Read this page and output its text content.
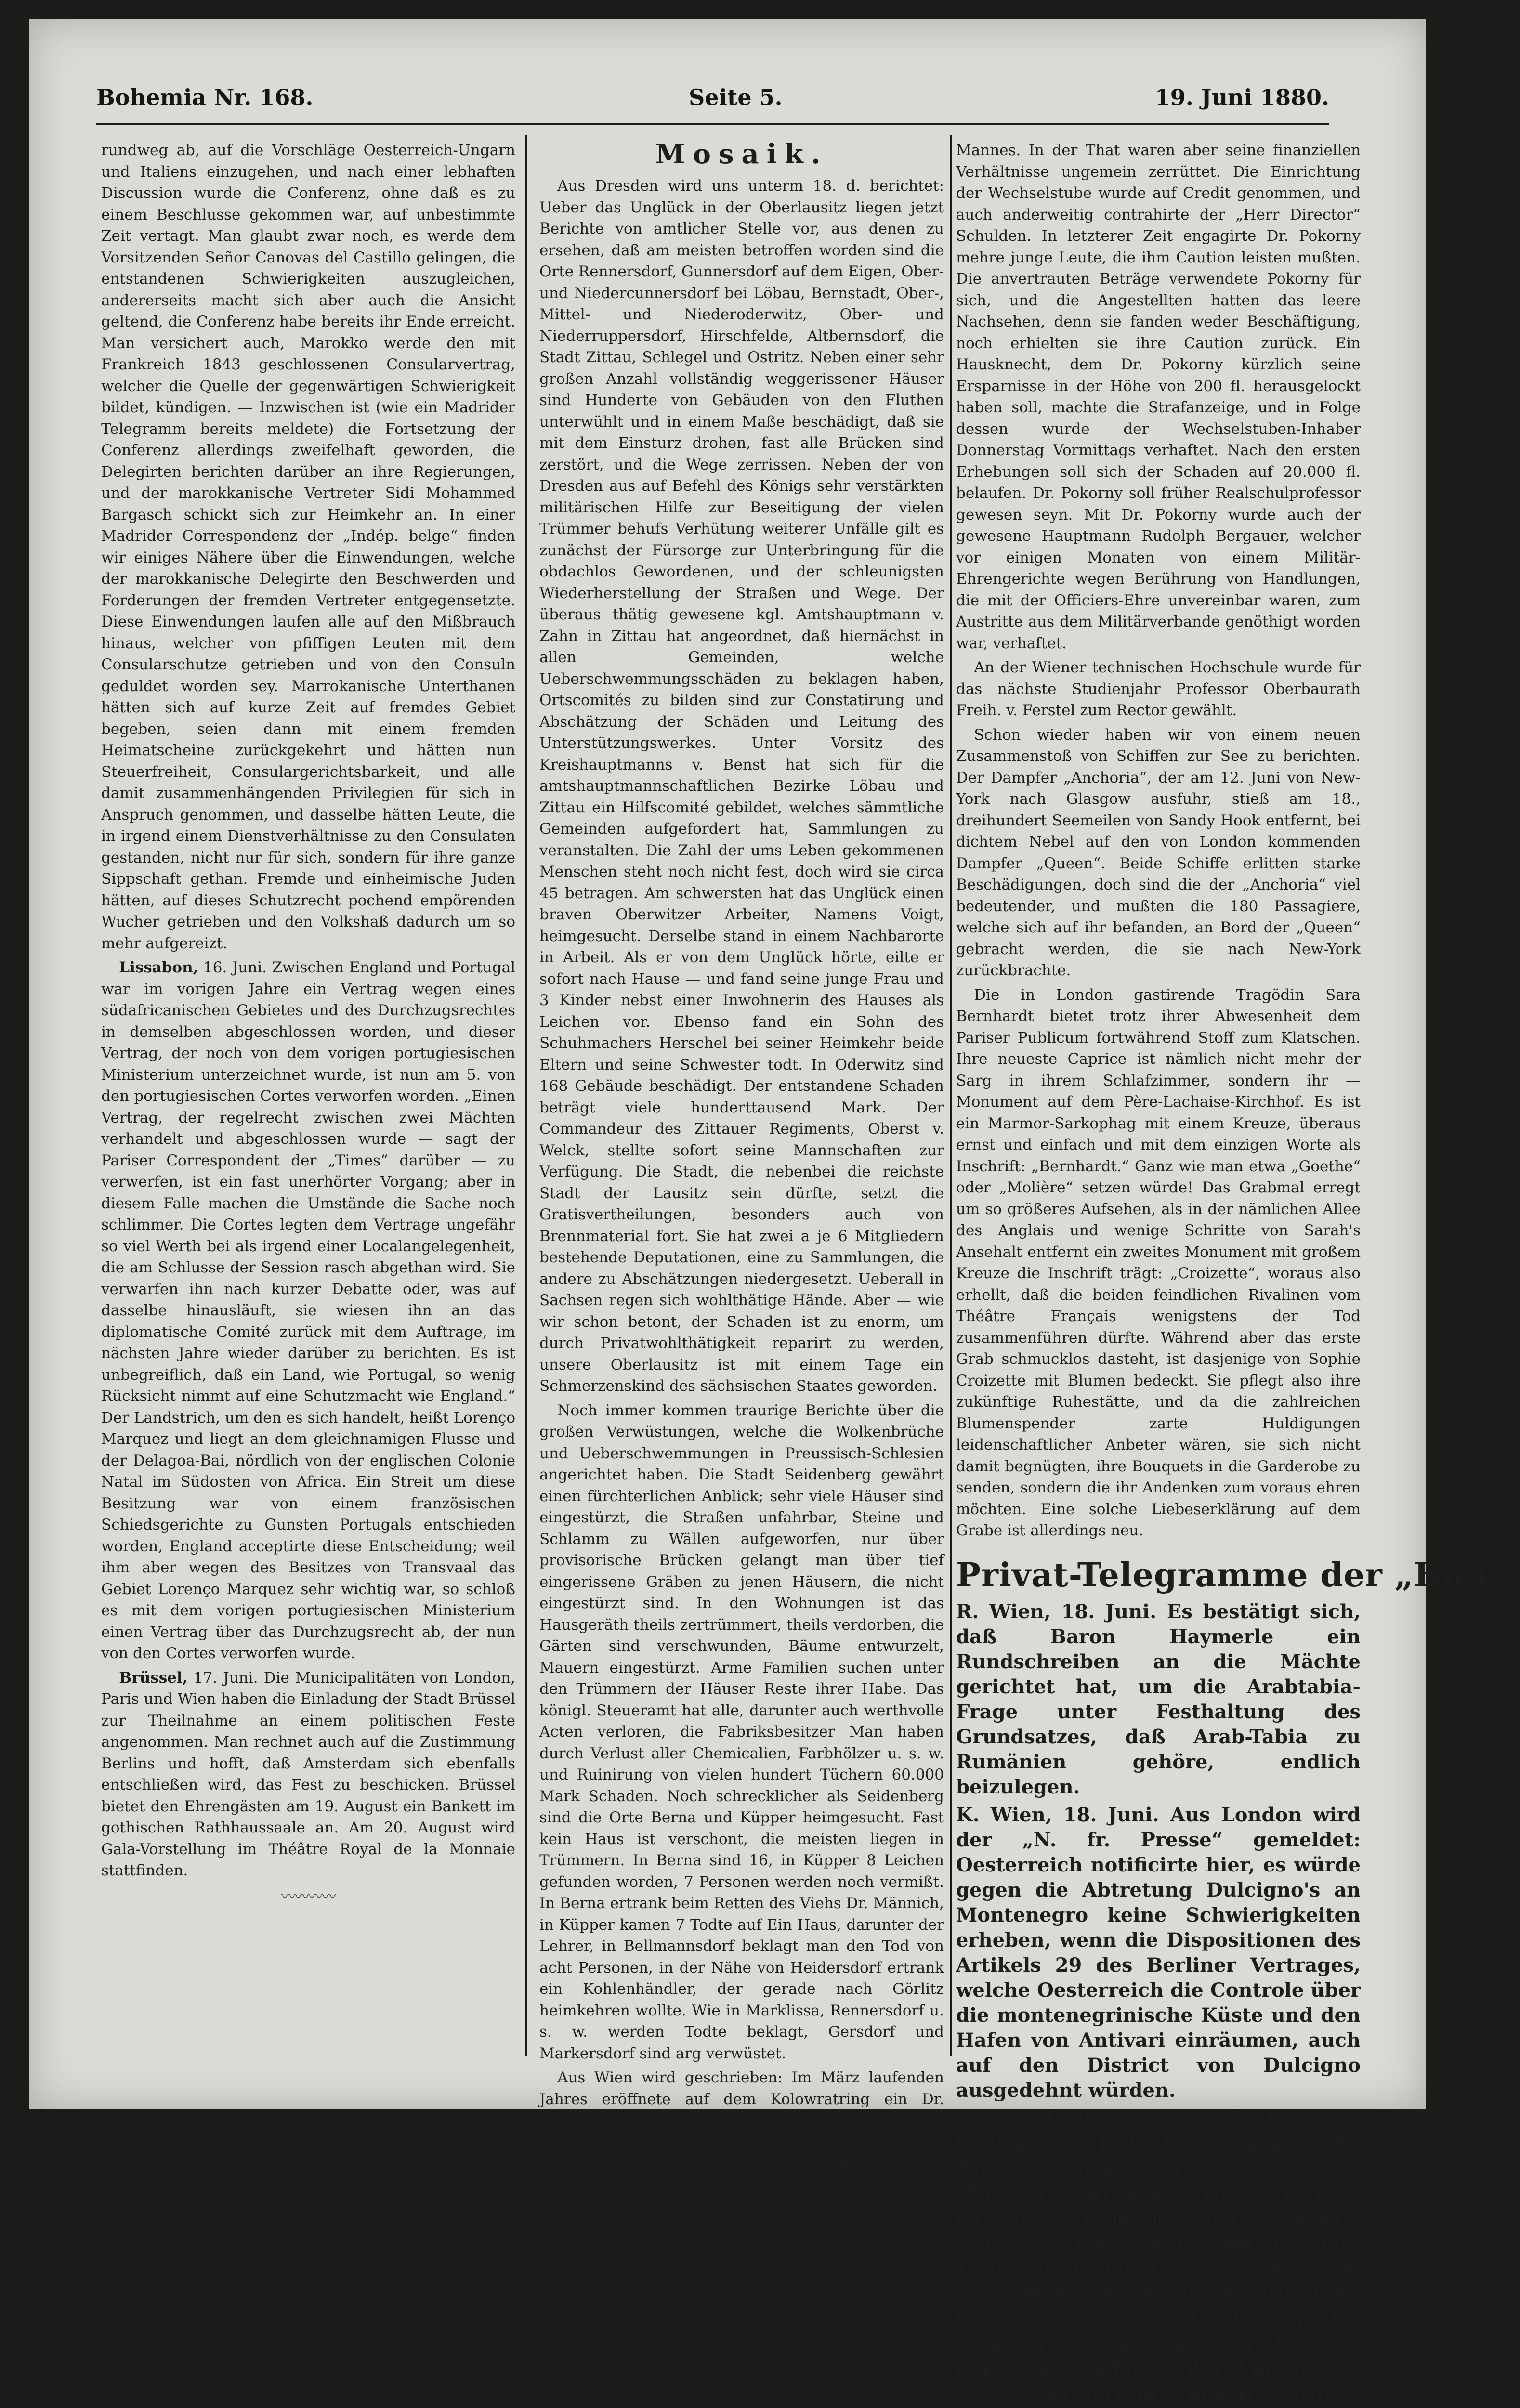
Bohemia Nr. 168.	Seite 5.	19. Juni 1880.

rundweg ab, auf die Vorschläge Oesterreich-Ungarn und Italiens einzugehen, und nach einer lebhaften Discussion wurde die Conferenz, ohne daß es zu einem Beschlusse gekommen war, auf unbestimmte Zeit vertagt. Man glaubt zwar noch, es werde dem Vorsitzenden Señor Canovas del Castillo gelingen, die entstandenen Schwierigkeiten auszugleichen, andererseits macht sich aber auch die Ansicht geltend, die Conferenz habe bereits ihr Ende erreicht. Man versichert auch, Marokko werde den mit Frankreich 1843 geschlossenen Consularvertrag, welcher die Quelle der gegenwärtigen Schwierigkeit bildet, kündigen. — Inzwischen ist (wie ein Madrider Telegramm bereits meldete) die Fortsetzung der Conferenz allerdings zweifelhaft geworden, die Delegirten berichten darüber an ihre Regierungen, und der marokkanische Vertreter Sidi Mohammed Bargasch schickt sich zur Heimkehr an. In einer Madrider Correspondenz der „Indép. belge“ finden wir einiges Nähere über die Einwendungen, welche der marokkanische Delegirte den Beschwerden und Forderungen der fremden Vertreter entgegensetzte. Diese Einwendungen laufen alle auf den Mißbrauch hinaus, welcher von pfiffigen Leuten mit dem Consularschutze getrieben und von den Consuln geduldet worden sey. Marrokanische Unterthanen hätten sich auf kurze Zeit auf fremdes Gebiet begeben, seien dann mit einem fremden Heimatscheine zurückgekehrt und hätten nun Steuerfreiheit, Consulargerichtsbarkeit, und alle damit zusammenhängenden Privilegien für sich in Anspruch genommen, und dasselbe hätten Leute, die in irgend einem Dienstverhältnisse zu den Consulaten gestanden, nicht nur für sich, sondern für ihre ganze Sippschaft gethan. Fremde und einheimische Juden hätten, auf dieses Schutzrecht pochend empörenden Wucher getrieben und den Volkshaß dadurch um so mehr aufgereizt.

Lissabon, 16. Juni. Zwischen England und Portugal war im vorigen Jahre ein Vertrag wegen eines südafricanischen Gebietes und des Durchzugsrechtes in demselben abgeschlossen worden, und dieser Vertrag, der noch von dem vorigen portugiesischen Ministerium unterzeichnet wurde, ist nun am 5. von den portugiesischen Cortes verworfen worden. „Einen Vertrag, der regelrecht zwischen zwei Mächten verhandelt und abgeschlossen wurde — sagt der Pariser Correspondent der „Times“ darüber — zu verwerfen, ist ein fast unerhörter Vorgang; aber in diesem Falle machen die Umstände die Sache noch schlimmer. Die Cortes legten dem Vertrage ungefähr so viel Werth bei als irgend einer Localangelegenheit, die am Schlusse der Session rasch abgethan wird. Sie verwarfen ihn nach kurzer Debatte oder, was auf dasselbe hinausläuft, sie wiesen ihn an das diplomatische Comité zurück mit dem Auftrage, im nächsten Jahre wieder darüber zu berichten. Es ist unbegreiflich, daß ein Land, wie Portugal, so wenig Rücksicht nimmt auf eine Schutzmacht wie England.“ Der Landstrich, um den es sich handelt, heißt Lorenço Marquez und liegt an dem gleichnamigen Flusse und der Delagoa-Bai, nördlich von der englischen Colonie Natal im Südosten von Africa. Ein Streit um diese Besitzung war von einem französischen Schiedsgerichte zu Gunsten Portugals entschieden worden, England acceptirte diese Entscheidung; weil ihm aber wegen des Besitzes von Transvaal das Gebiet Lorenço Marquez sehr wichtig war, so schloß es mit dem vorigen portugiesischen Ministerium einen Vertrag über das Durchzugsrecht ab, der nun von den Cortes verworfen wurde.

Brüssel, 17. Juni. Die Municipalitäten von London, Paris und Wien haben die Einladung der Stadt Brüssel zur Theilnahme an einem politischen Feste angenommen. Man rechnet auch auf die Zustimmung Berlins und hofft, daß Amsterdam sich ebenfalls entschließen wird, das Fest zu beschicken. Brüssel bietet den Ehrengästen am 19. August ein Bankett im gothischen Rathhaussaale an. Am 20. August wird Gala-Vorstellung im Théâtre Royal de la Monnaie stattfinden.

〰〰〰〰
Mosaik.

Aus Dresden wird uns unterm 18. d. berichtet: Ueber das Unglück in der Oberlausitz liegen jetzt Berichte von amtlicher Stelle vor, aus denen zu ersehen, daß am meisten betroffen worden sind die Orte Rennersdorf, Gunnersdorf auf dem Eigen, Ober- und Niedercunnersdorf bei Löbau, Bernstadt, Ober-, Mittel- und Niederoderwitz, Ober- und Niederruppersdorf, Hirschfelde, Altbernsdorf, die Stadt Zittau, Schlegel und Ostritz. Neben einer sehr großen Anzahl vollständig weggerissener Häuser sind Hunderte von Gebäuden von den Fluthen unterwühlt und in einem Maße beschädigt, daß sie mit dem Einsturz drohen, fast alle Brücken sind zerstört, und die Wege zerrissen. Neben der von Dresden aus auf Befehl des Königs sehr verstärkten militärischen Hilfe zur Beseitigung der vielen Trümmer behufs Verhütung weiterer Unfälle gilt es zunächst der Fürsorge zur Unterbringung für die obdachlos Gewordenen, und der schleunigsten Wiederherstellung der Straßen und Wege. Der überaus thätig gewesene kgl. Amtshauptmann v. Zahn in Zittau hat angeordnet, daß hiernächst in allen Gemeinden, welche Ueberschwemmungsschäden zu beklagen haben, Ortscomités zu bilden sind zur Constatirung und Abschätzung der Schäden und Leitung des Unterstützungswerkes. Unter Vorsitz des Kreishauptmanns v. Benst hat sich für die amtshauptmannschaftlichen Bezirke Löbau und Zittau ein Hilfscomité gebildet, welches sämmtliche Gemeinden aufgefordert hat, Sammlungen zu veranstalten. Die Zahl der ums Leben gekommenen Menschen steht noch nicht fest, doch wird sie circa 45 betragen. Am schwersten hat das Unglück einen braven Oberwitzer Arbeiter, Namens Voigt, heimgesucht. Derselbe stand in einem Nachbarorte in Arbeit. Als er von dem Unglück hörte, eilte er sofort nach Hause — und fand seine junge Frau und 3 Kinder nebst einer Inwohnerin des Hauses als Leichen vor. Ebenso fand ein Sohn des Schuhmachers Herschel bei seiner Heimkehr beide Eltern und seine Schwester todt. In Oderwitz sind 168 Gebäude beschädigt. Der entstandene Schaden beträgt viele hunderttausend Mark. Der Commandeur des Zittauer Regiments, Oberst v. Welck, stellte sofort seine Mannschaften zur Verfügung. Die Stadt, die nebenbei die reichste Stadt der Lausitz sein dürfte, setzt die Gratisvertheilungen, besonders auch von Brennmaterial fort. Sie hat zwei a je 6 Mitgliedern bestehende Deputationen, eine zu Sammlungen, die andere zu Abschätzungen niedergesetzt. Ueberall in Sachsen regen sich wohlthätige Hände. Aber — wie wir schon betont, der Schaden ist zu enorm, um durch Privatwohlthätigkeit reparirt zu werden, unsere Oberlausitz ist mit einem Tage ein Schmerzenskind des sächsischen Staates geworden.

Noch immer kommen traurige Berichte über die großen Verwüstungen, welche die Wolkenbrüche und Ueberschwemmungen in Preussisch-Schlesien angerichtet haben. Die Stadt Seidenberg gewährt einen fürchterlichen Anblick; sehr viele Häuser sind eingestürzt, die Straßen unfahrbar, Steine und Schlamm zu Wällen aufgeworfen, nur über provisorische Brücken gelangt man über tief eingerissene Gräben zu jenen Häusern, die nicht eingestürzt sind. In den Wohnungen ist das Hausgeräth theils zertrümmert, theils verdorben, die Gärten sind verschwunden, Bäume entwurzelt, Mauern eingestürzt. Arme Familien suchen unter den Trümmern der Häuser Reste ihrer Habe. Das königl. Steueramt hat alle, darunter auch werthvolle Acten verloren, die Fabriksbesitzer Man haben durch Verlust aller Chemicalien, Farbhölzer u. s. w. und Ruinirung von vielen hundert Tüchern 60.000 Mark Schaden. Noch schrecklicher als Seidenberg sind die Orte Berna und Küpper heimgesucht. Fast kein Haus ist verschont, die meisten liegen in Trümmern. In Berna sind 16, in Küpper 8 Leichen gefunden worden, 7 Personen werden noch vermißt. In Berna ertrank beim Retten des Viehs Dr. Männich, in Küpper kamen 7 Todte auf Ein Haus, darunter der Lehrer, in Bellmannsdorf beklagt man den Tod von acht Personen, in der Nähe von Heidersdorf ertrank ein Kohlenhändler, der gerade nach Görlitz heimkehren wollte. Wie in Marklissa, Rennersdorf u. s. w. werden Todte beklagt, Gersdorf und Markersdorf sind arg verwüstet.

Aus Wien wird geschrieben: Im März laufenden Jahres eröffnete auf dem Kolowratring ein Dr. Philipp Ignaz Pokorny eine Wechselstube „zur Continentalbank.“ Auf der riesigen Firmatafel, die über dem Portale angebracht war, stand der Name des Wechselstuben-Inhabers und die Worte: „Continentalbank“ mit großen Lettern, dagegen war das Wörtchen „zur“ so klein geschrieben, daß man es mit unbewaffneten Augen fast nicht sehen konnte. Dr. Pokorny gerirte sich auch als Director der Continentalbank und gab sich den Anschein eines vermögenden

Mannes. In der That waren aber seine finanziellen Verhältnisse ungemein zerrüttet. Die Einrichtung der Wechselstube wurde auf Credit genommen, und auch anderweitig contrahirte der „Herr Director“ Schulden. In letzterer Zeit engagirte Dr. Pokorny mehre junge Leute, die ihm Caution leisten mußten. Die anvertrauten Beträge verwendete Pokorny für sich, und die Angestellten hatten das leere Nachsehen, denn sie fanden weder Beschäftigung, noch erhielten sie ihre Caution zurück. Ein Hausknecht, dem Dr. Pokorny kürzlich seine Ersparnisse in der Höhe von 200 fl. herausgelockt haben soll, machte die Strafanzeige, und in Folge dessen wurde der Wechselstuben-Inhaber Donnerstag Vormittags verhaftet. Nach den ersten Erhebungen soll sich der Schaden auf 20.000 fl. belaufen. Dr. Pokorny soll früher Realschulprofessor gewesen seyn. Mit Dr. Pokorny wurde auch der gewesene Hauptmann Rudolph Bergauer, welcher vor einigen Monaten von einem Militär-Ehrengerichte wegen Berührung von Handlungen, die mit der Officiers-Ehre unvereinbar waren, zum Austritte aus dem Militärverbande genöthigt worden war, verhaftet.

An der Wiener technischen Hochschule wurde für das nächste Studienjahr Professor Oberbaurath Freih. v. Ferstel zum Rector gewählt.

Schon wieder haben wir von einem neuen Zusammenstoß von Schiffen zur See zu berichten. Der Dampfer „Anchoria“, der am 12. Juni von New-York nach Glasgow ausfuhr, stieß am 18., dreihundert Seemeilen von Sandy Hook entfernt, bei dichtem Nebel auf den von London kommenden Dampfer „Queen“. Beide Schiffe erlitten starke Beschädigungen, doch sind die der „Anchoria“ viel bedeutender, und mußten die 180 Passagiere, welche sich auf ihr befanden, an Bord der „Queen“ gebracht werden, die sie nach New-York zurückbrachte.

Die in London gastirende Tragödin Sara Bernhardt bietet trotz ihrer Abwesenheit dem Pariser Publicum fortwährend Stoff zum Klatschen. Ihre neueste Caprice ist nämlich nicht mehr der Sarg in ihrem Schlafzimmer, sondern ihr — Monument auf dem Père-Lachaise-Kirchhof. Es ist ein Marmor-Sarkophag mit einem Kreuze, überaus ernst und einfach und mit dem einzigen Worte als Inschrift: „Bernhardt.“ Ganz wie man etwa „Goethe“ oder „Molière“ setzen würde! Das Grabmal erregt um so größeres Aufsehen, als in der nämlichen Allee des Anglais und wenige Schritte von Sarah's Ansehalt entfernt ein zweites Monument mit großem Kreuze die Inschrift trägt: „Croizette“, woraus also erhellt, daß die beiden feindlichen Rivalinen vom Théâtre Français wenigstens der Tod zusammenführen dürfte. Während aber das erste Grab schmucklos dasteht, ist dasjenige von Sophie Croizette mit Blumen bedeckt. Sie pflegt also ihre zukünftige Ruhestätte, und da die zahlreichen Blumenspender zarte Huldigungen leidenschaftlicher Anbeter wären, sie sich nicht damit begnügten, ihre Bouquets in die Garderobe zu senden, sondern die ihr Andenken zum voraus ehren möchten. Eine solche Liebeserklärung auf dem Grabe ist allerdings neu.

Privat-Telegramme der „Boh.“

R. Wien, 18. Juni. Es bestätigt sich, daß Baron Haymerle ein Rundschreiben an die Mächte gerichtet hat, um die Arabtabia-Frage unter Festhaltung des Grundsatzes, daß Arab-Tabia zu Rumänien gehöre, endlich beizulegen.

K. Wien, 18. Juni. Aus London wird der „N. fr. Presse“ gemeldet: Oesterreich notificirte hier, es würde gegen die Abtretung Dulcigno's an Montenegro keine Schwierigkeiten erheben, wenn die Dispositionen des Artikels 29 des Berliner Vertrages, welche Oesterreich die Controle über die montenegrinische Küste und den Hafen von Antivari einräumen, auch auf den District von Dulcigno ausgedehnt würden.

—m— Berlin, 18. Juni. Bei der heutigen Debatte über die Kirchenvorlage sagte der Cultus-Minister Puttkamer: Diese Vorlage ist das fundamentalste Gesetz, welches seit Jahrzehnten dem Landtage gemacht worden ist. Wenn die Vorlage angenommen wird, dann hoffe ich, wird die Centrumspartei allmälig verdunsten, das ist der politische Gedanke der Vorlage. — Diese Erklärung macht großes
